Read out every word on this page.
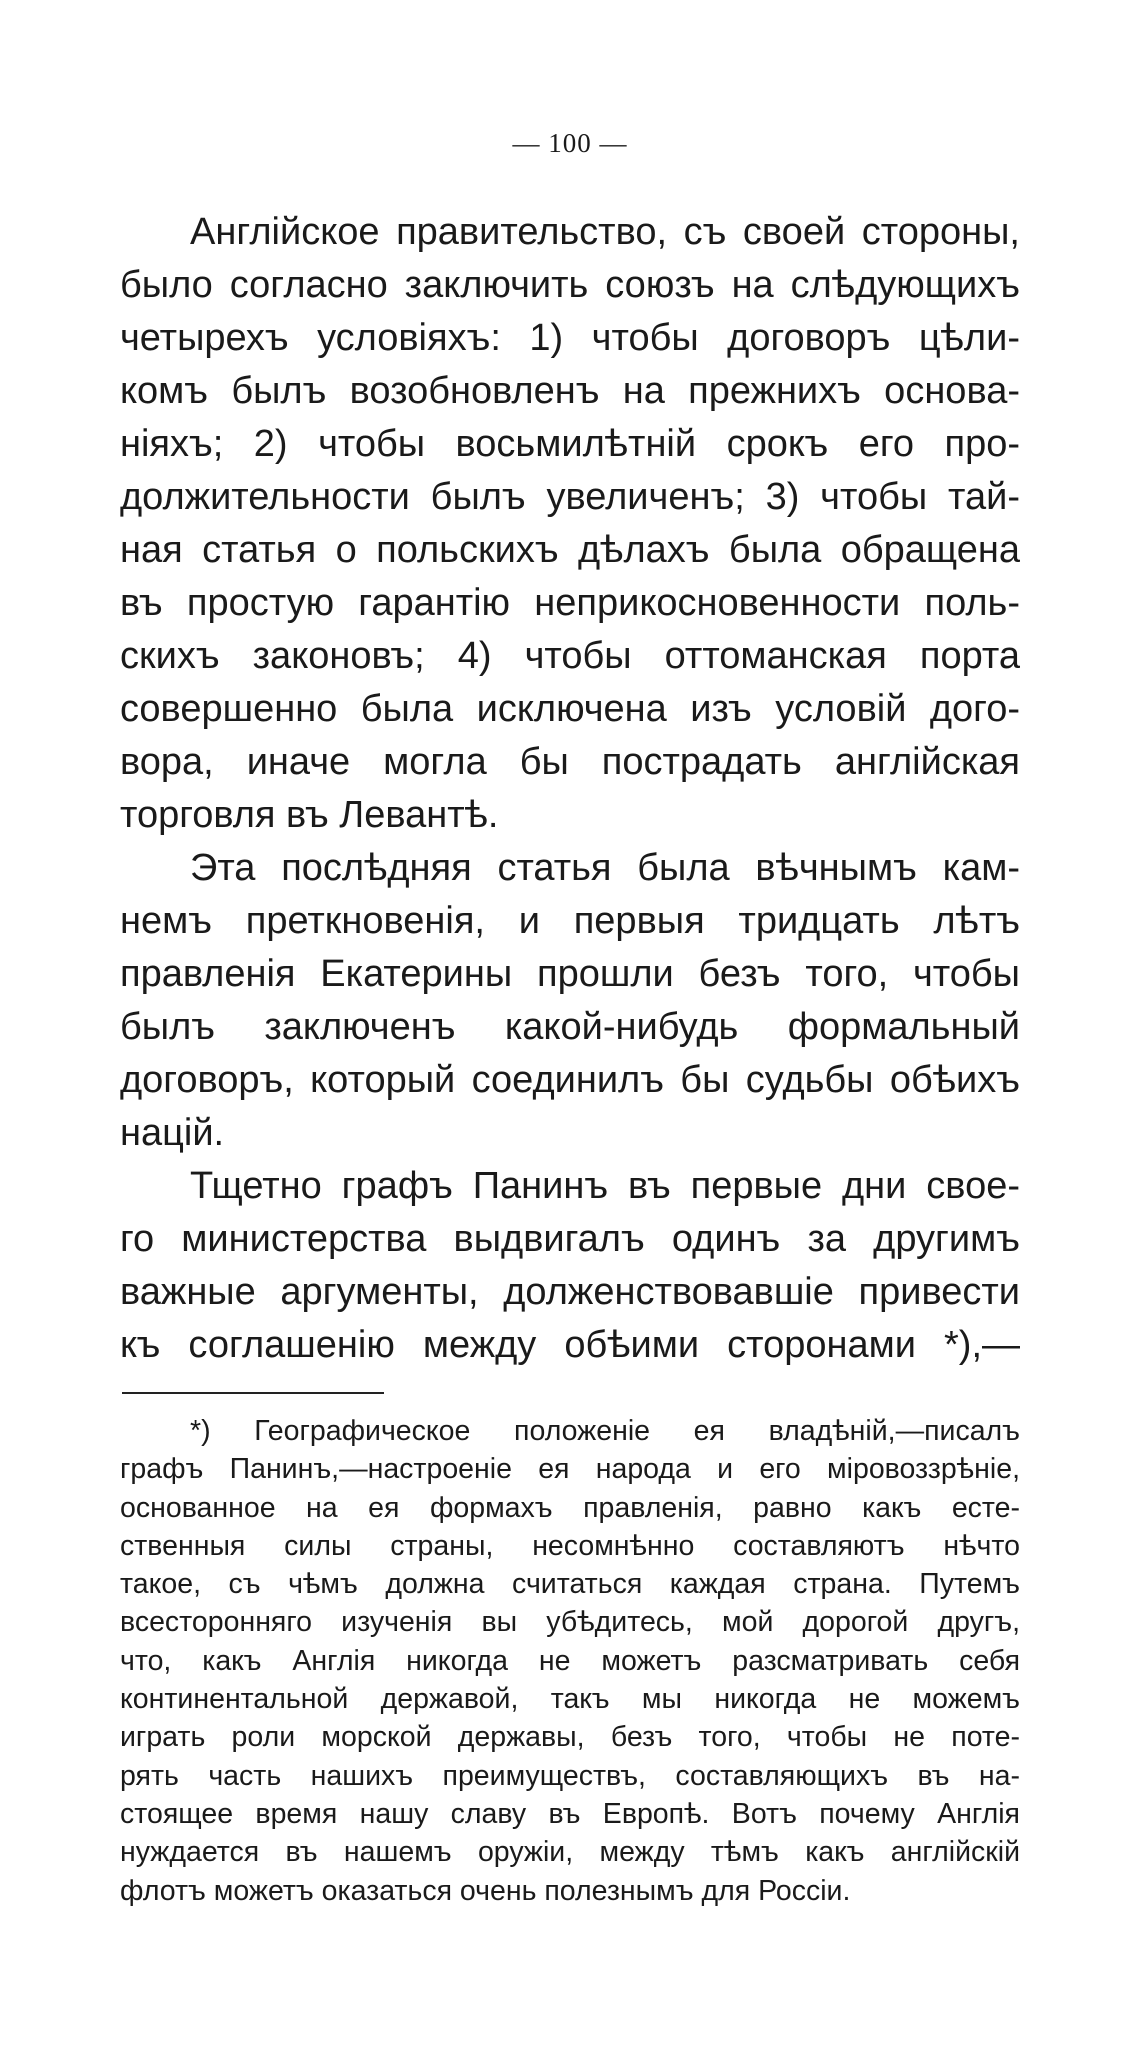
— 100 —
Англійское правительство, съ своей стороны,
было согласно заключить союзъ на слѣдующихъ
четырехъ условіяхъ: 1) чтобы договоръ цѣли-
комъ былъ возобновленъ на прежнихъ основа-
ніяхъ; 2) чтобы восьмилѣтній срокъ его про-
должительности былъ увеличенъ; 3) чтобы тай-
ная статья о польскихъ дѣлахъ была обращена
въ простую гарантію неприкосновенности поль-
скихъ законовъ; 4) чтобы оттоманская порта
совершенно была исключена изъ условій дого-
вора, иначе могла бы пострадать англійская
торговля въ Левантѣ.
Эта послѣдняя статья была вѣчнымъ кам-
немъ преткновенія, и первыя тридцать лѣтъ
правленія Екатерины прошли безъ того, чтобы
былъ заключенъ какой-нибудь формальный
договоръ, который соединилъ бы судьбы обѣихъ
націй.
Тщетно графъ Панинъ въ первые дни свое-
го министерства выдвигалъ одинъ за другимъ
важные аргументы, долженствовавшіе привести
къ соглашенію между обѣими сторонами *),—
*) Географическое положеніе ея владѣній,—писалъ
графъ Панинъ,—настроеніе ея народа и его міровоззрѣніе,
основанное на ея формахъ правленія, равно какъ есте-
ственныя силы страны, несомнѣнно составляютъ нѣчто
такое, съ чѣмъ должна считаться каждая страна. Путемъ
всесторонняго изученія вы убѣдитесь, мой дорогой другъ,
что, какъ Англія никогда не можетъ разсматривать себя
континентальной державой, такъ мы никогда не можемъ
играть роли морской державы, безъ того, чтобы не поте-
рять часть нашихъ преимуществъ, составляющихъ въ на-
стоящее время нашу славу въ Европѣ. Вотъ почему Англія
нуждается въ нашемъ оружіи, между тѣмъ какъ англійскій
флотъ можетъ оказаться очень полезнымъ для Россіи.
